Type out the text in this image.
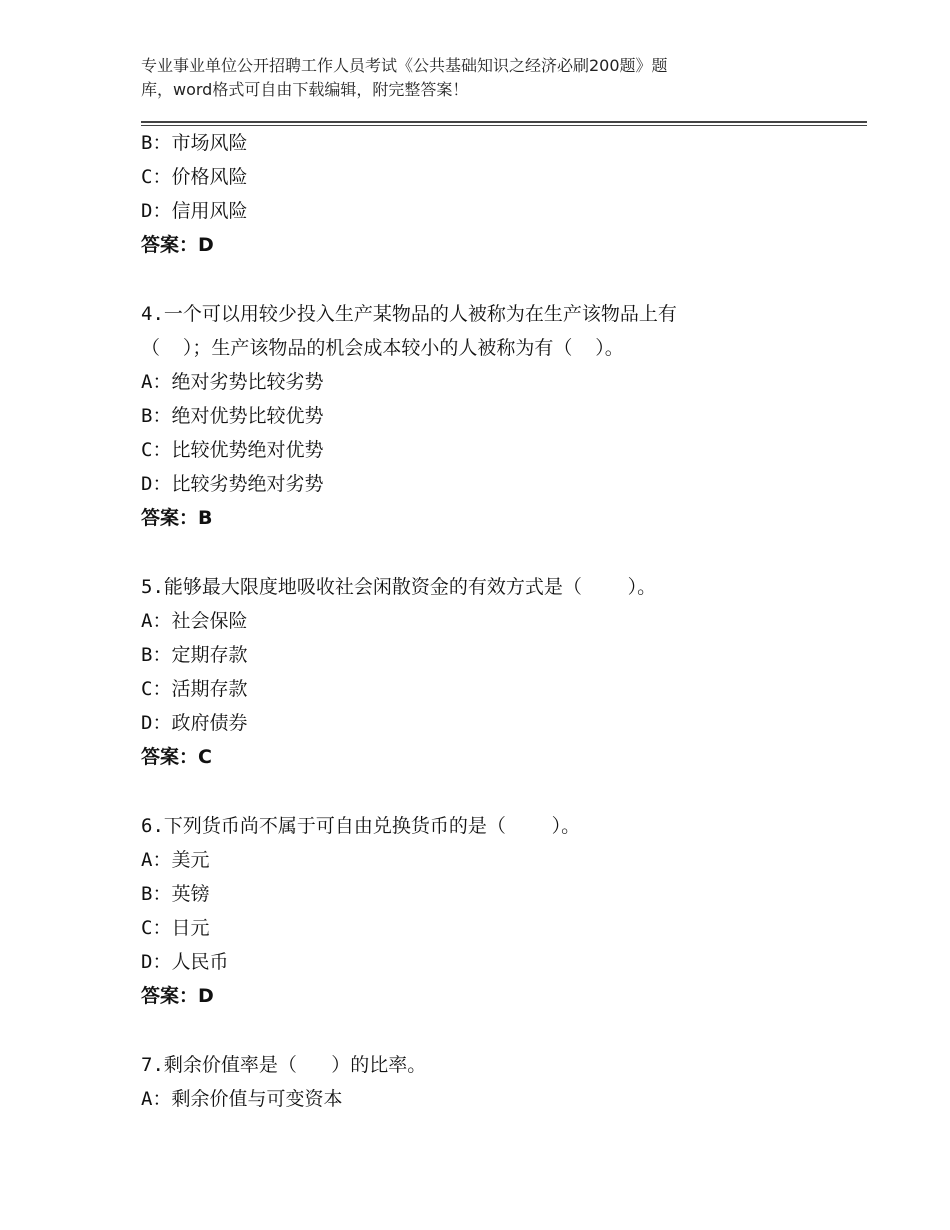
专业事业单位公开招聘工作人员考试《公共基础知识之经济必刷200题》题
库，word格式可自由下载编辑，附完整答案！
B：市场风险
C：价格风险
D：信用风险
答案：D
4.一个可以用较少投入生产某物品的人被称为在生产该物品上有
（  ）；生产该物品的机会成本较小的人被称为有（  ）。
A：绝对劣势比较劣势
B：绝对优势比较优势
C：比较优势绝对优势
D：比较劣势绝对劣势
答案：B
5.能够最大限度地吸收社会闲散资金的有效方式是（    ）。
A：社会保险
B：定期存款
C：活期存款
D：政府债券
答案：C
6.下列货币尚不属于可自由兑换货币的是（    ）。
A：美元
B：英镑
C：日元
D：人民币
答案：D
7.剩余价值率是（   ）的比率。
A：剩余价值与可变资本
